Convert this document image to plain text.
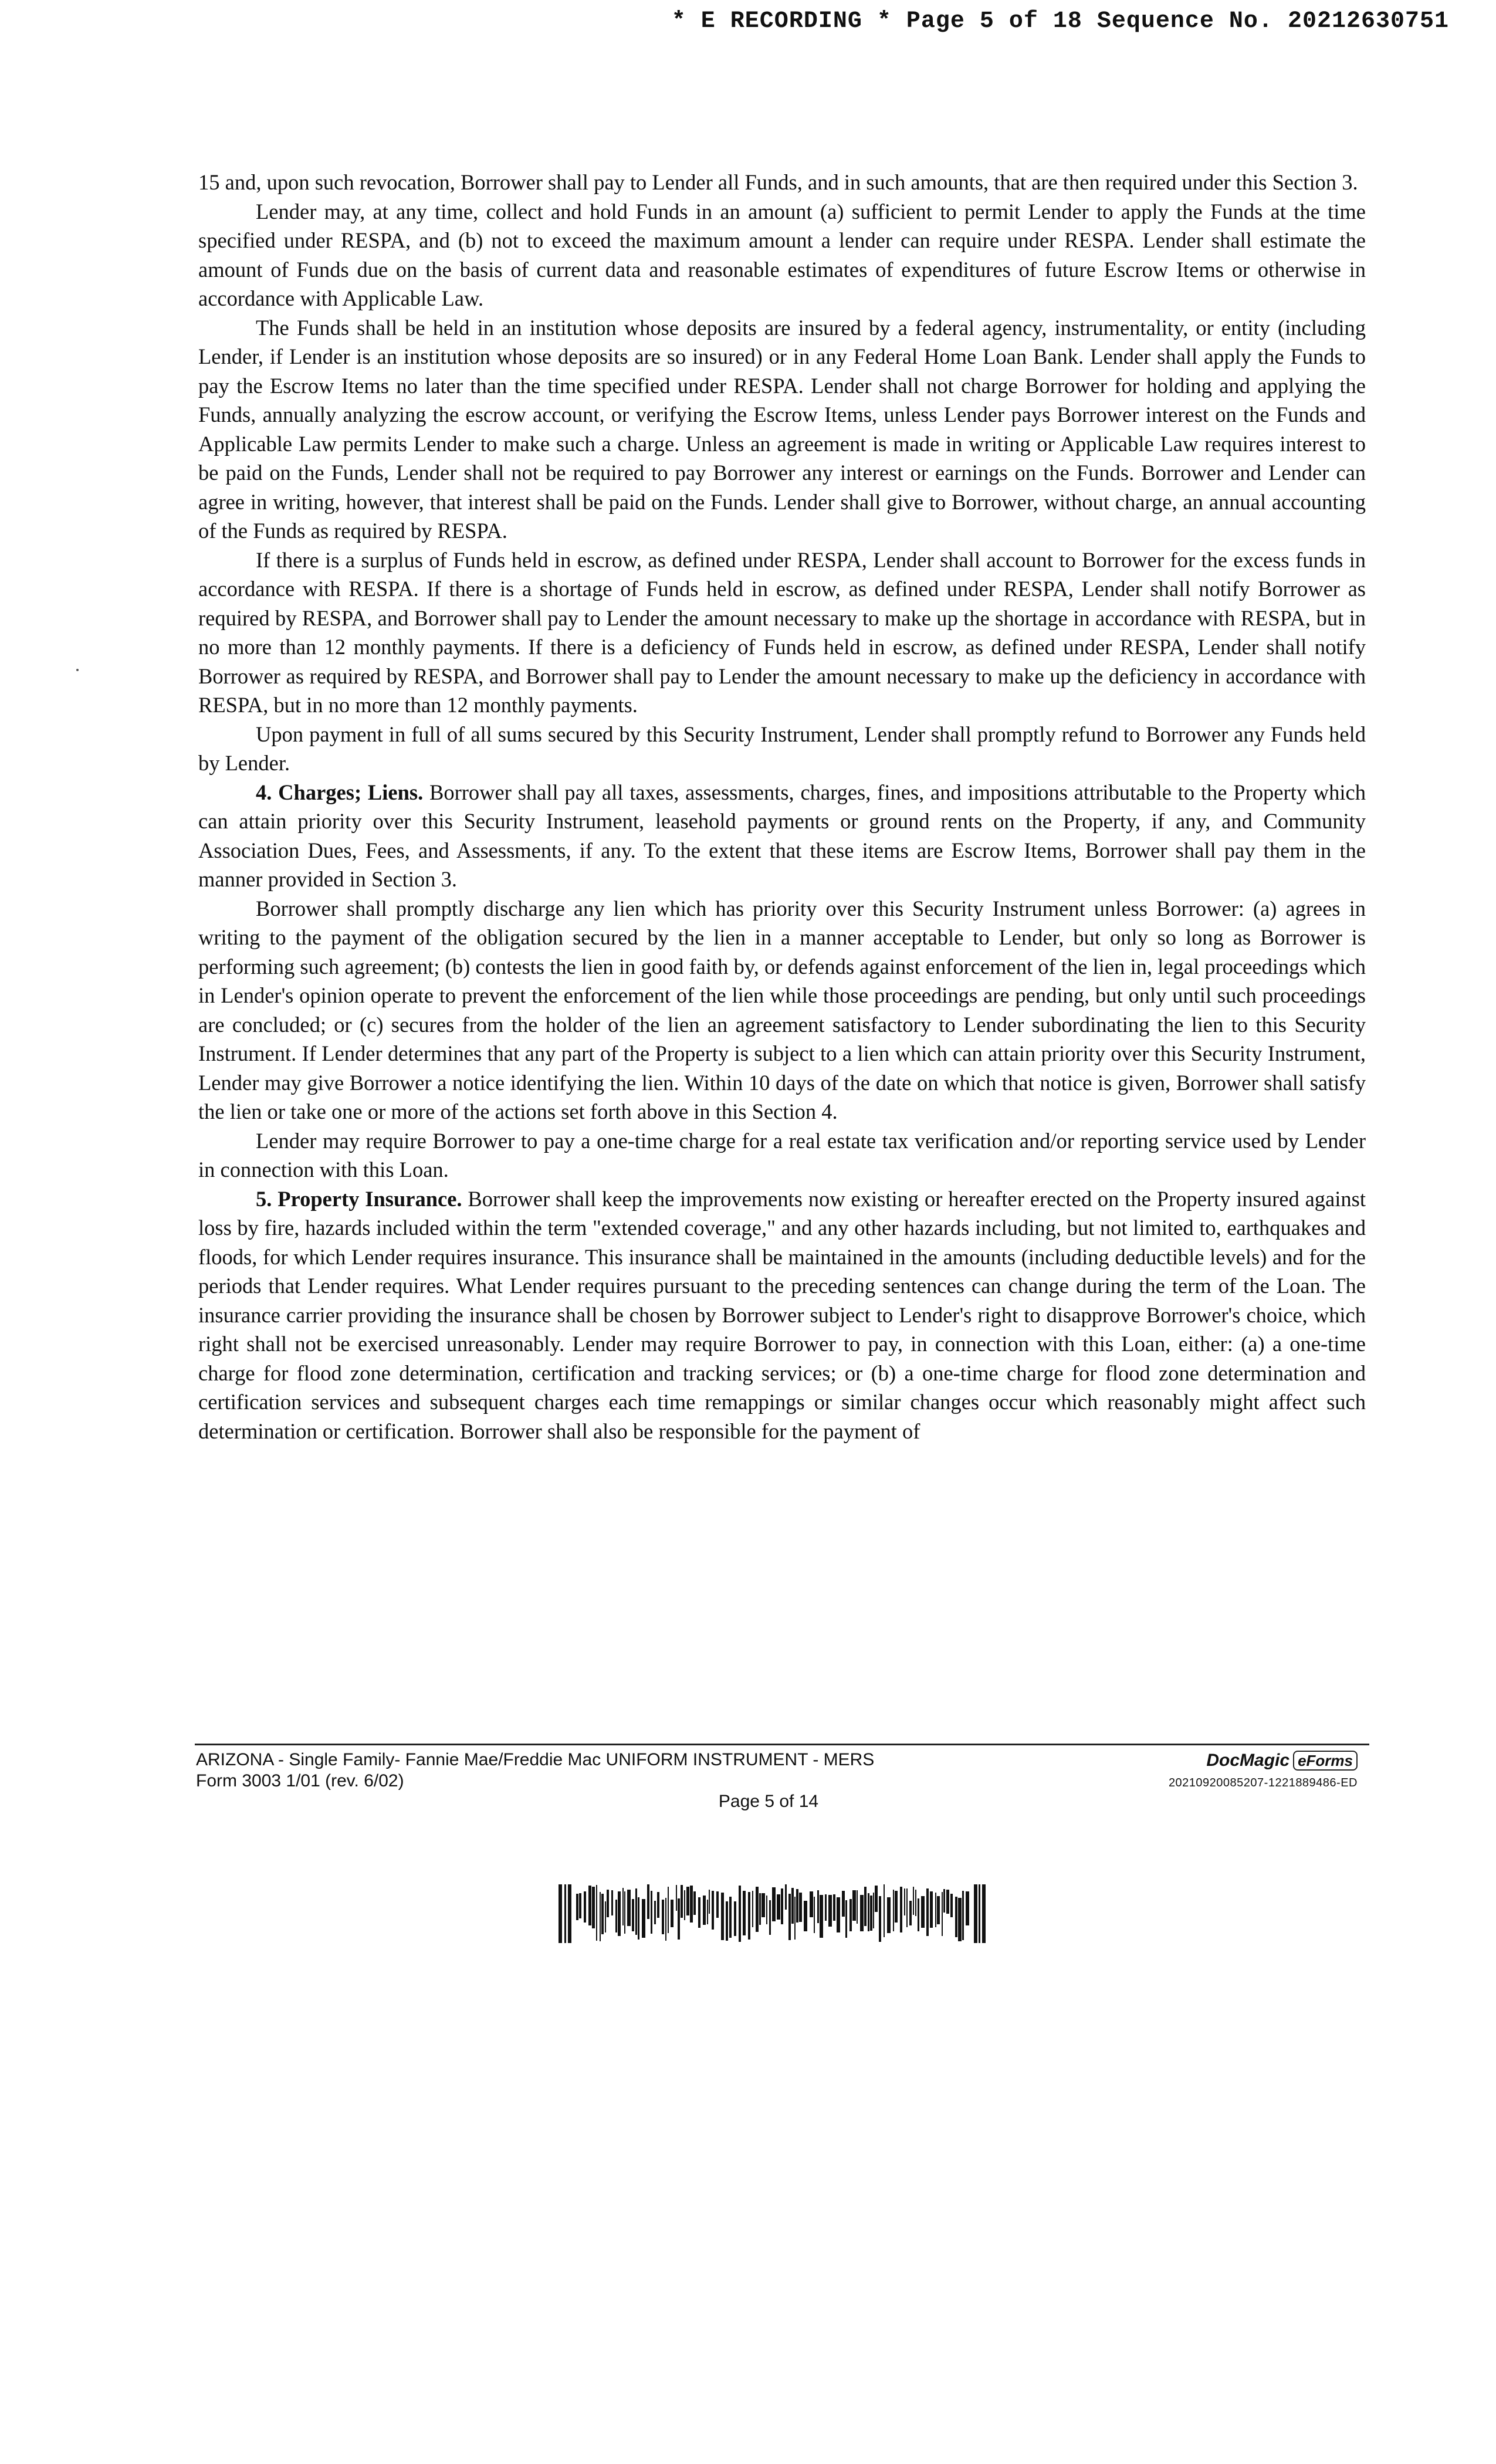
* E RECORDING * Page 5 of 18 Sequence No. 20212630751

15 and, upon such revocation, Borrower shall pay to Lender all Funds, and in such amounts, that are then required under this Section 3.

Lender may, at any time, collect and hold Funds in an amount (a) sufficient to permit Lender to apply the Funds at the time specified under RESPA, and (b) not to exceed the maximum amount a lender can require under RESPA. Lender shall estimate the amount of Funds due on the basis of current data and reasonable estimates of expenditures of future Escrow Items or otherwise in accordance with Applicable Law.

The Funds shall be held in an institution whose deposits are insured by a federal agency, instrumentality, or entity (including Lender, if Lender is an institution whose deposits are so insured) or in any Federal Home Loan Bank. Lender shall apply the Funds to pay the Escrow Items no later than the time specified under RESPA. Lender shall not charge Borrower for holding and applying the Funds, annually analyzing the escrow account, or verifying the Escrow Items, unless Lender pays Borrower interest on the Funds and Applicable Law permits Lender to make such a charge. Unless an agreement is made in writing or Applicable Law requires interest to be paid on the Funds, Lender shall not be required to pay Borrower any interest or earnings on the Funds. Borrower and Lender can agree in writing, however, that interest shall be paid on the Funds. Lender shall give to Borrower, without charge, an annual accounting of the Funds as required by RESPA.

If there is a surplus of Funds held in escrow, as defined under RESPA, Lender shall account to Borrower for the excess funds in accordance with RESPA. If there is a shortage of Funds held in escrow, as defined under RESPA, Lender shall notify Borrower as required by RESPA, and Borrower shall pay to Lender the amount necessary to make up the shortage in accordance with RESPA, but in no more than 12 monthly payments. If there is a deficiency of Funds held in escrow, as defined under RESPA, Lender shall notify Borrower as required by RESPA, and Borrower shall pay to Lender the amount necessary to make up the deficiency in accordance with RESPA, but in no more than 12 monthly payments.

Upon payment in full of all sums secured by this Security Instrument, Lender shall promptly refund to Borrower any Funds held by Lender.

4. Charges; Liens. Borrower shall pay all taxes, assessments, charges, fines, and impositions attributable to the Property which can attain priority over this Security Instrument, leasehold payments or ground rents on the Property, if any, and Community Association Dues, Fees, and Assessments, if any. To the extent that these items are Escrow Items, Borrower shall pay them in the manner provided in Section 3.

Borrower shall promptly discharge any lien which has priority over this Security Instrument unless Borrower: (a) agrees in writing to the payment of the obligation secured by the lien in a manner acceptable to Lender, but only so long as Borrower is performing such agreement; (b) contests the lien in good faith by, or defends against enforcement of the lien in, legal proceedings which in Lender's opinion operate to prevent the enforcement of the lien while those proceedings are pending, but only until such proceedings are concluded; or (c) secures from the holder of the lien an agreement satisfactory to Lender subordinating the lien to this Security Instrument. If Lender determines that any part of the Property is subject to a lien which can attain priority over this Security Instrument, Lender may give Borrower a notice identifying the lien. Within 10 days of the date on which that notice is given, Borrower shall satisfy the lien or take one or more of the actions set forth above in this Section 4.

Lender may require Borrower to pay a one-time charge for a real estate tax verification and/or reporting service used by Lender in connection with this Loan.

5. Property Insurance. Borrower shall keep the improvements now existing or hereafter erected on the Property insured against loss by fire, hazards included within the term "extended coverage," and any other hazards including, but not limited to, earthquakes and floods, for which Lender requires insurance. This insurance shall be maintained in the amounts (including deductible levels) and for the periods that Lender requires. What Lender requires pursuant to the preceding sentences can change during the term of the Loan. The insurance carrier providing the insurance shall be chosen by Borrower subject to Lender's right to disapprove Borrower's choice, which right shall not be exercised unreasonably. Lender may require Borrower to pay, in connection with this Loan, either: (a) a one-time charge for flood zone determination, certification and tracking services; or (b) a one-time charge for flood zone determination and certification services and subsequent charges each time remappings or similar changes occur which reasonably might affect such determination or certification. Borrower shall also be responsible for the payment of

ARIZONA - Single Family- Fannie Mae/Freddie Mac UNIFORM INSTRUMENT - MERS
Form 3003 1/01 (rev. 6/02)
Page 5 of 14
DocMagic eForms
20210920085207-1221889486-ED
